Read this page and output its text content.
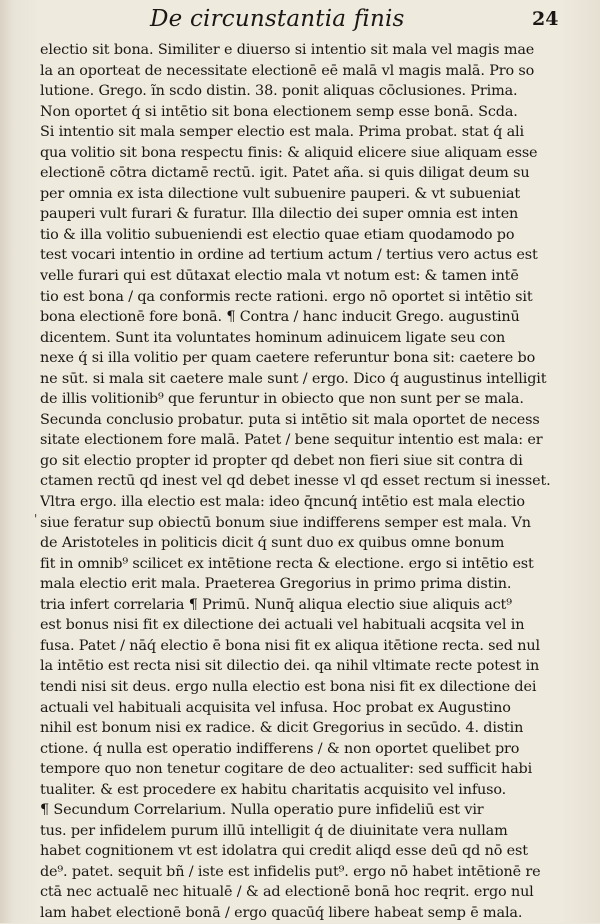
De circunstantia finis	24
'
electio sit bona. Similiter e diuerso si intentio sit mala vel magis mae
la an oporteat de necessitate electionē eē malā vl magis malā. Pro so
lutione. Grego. ĩn scdo distin. 38. ponit aliquas cōclusiones. Prima.
Non oportet q́ si intētio sit bona electionem semp esse bonā. Scda.
Si intentio sit mala semper electio est mala. Prima probat. stat q́ ali
qua volitio sit bona respectu finis: & aliquid elicere siue aliquam esse
electionē cōtra dictamē rectū. igit. Patet aña. si quis diligat deum su
per omnia ex ista dilectione vult subuenire pauperi. & vt subueniat
pauperi vult furari & furatur. Illa dilectio dei super omnia est inten
tio & illa volitio subueniendi est electio quae etiam quodamodo po
test vocari intentio in ordine ad tertium actum / tertius vero actus est
velle furari qui est dūtaxat electio mala vt notum est: & tamen intē
tio est bona / qa conformis recte rationi. ergo nō oportet si intētio sit
bona electionē fore bonā. ¶ Contra / hanc inducit Grego. augustinū
dicentem. Sunt ita voluntates hominum adinuicem ligate seu con
nexe q́ si illa volitio per quam caetere referuntur bona sit: caetere bo
ne sūt. si mala sit caetere male sunt / ergo. Dico q́ augustinus intelligit
de illis volitionib⁹ que feruntur in obiecto que non sunt per se mala.
Secunda conclusio probatur. puta si intētio sit mala oportet de necess
sitate electionem fore malā. Patet / bene sequitur intentio est mala: er
go sit electio propter id propter qd debet non fieri siue sit contra di
ctamen rectū qd inest vel qd debet inesse vl qd esset rectum si inesset.
Vltra ergo. illa electio est mala: ideo q̄ncunq́ intētio est mala electio
siue feratur sup obiectū bonum siue indifferens semper est mala. Vn
de Aristoteles in politicis dicit q́ sunt duo ex quibus omne bonum
fit in omnib⁹ scilicet ex intētione recta & electione. ergo si intētio est
mala electio erit mala. Praeterea Gregorius in primo prima distin.
tria infert correlaria ¶ Primū. Nunq̄ aliqua electio siue aliquis act⁹
est bonus nisi fit ex dilectione dei actuali vel habituali acqsita vel in
fusa. Patet / nāq́ electio ē bona nisi fit ex aliqua itētione recta. sed nul
la intētio est recta nisi sit dilectio dei. qa nihil vltimate recte potest in
tendi nisi sit deus. ergo nulla electio est bona nisi fit ex dilectione dei
actuali vel habituali acquisita vel infusa. Hoc probat ex Augustino
nihil est bonum nisi ex radice. & dicit Gregorius in secūdo. 4. distin
ctione. q́ nulla est operatio indifferens / & non oportet quelibet pro
tempore quo non tenetur cogitare de deo actualiter: sed sufficit habi
tualiter. & est procedere ex habitu charitatis acquisito vel infuso.
¶ Secundum Correlarium. Nulla operatio pure infideliū est vir
tus. per infidelem purum illū intelligit q́ de diuinitate vera nullam
habet cognitionem vt est idolatra qui credit aliqd esse deū qd nō est
de⁹. patet. sequit bñ / iste est infidelis put⁹. ergo nō habet intētionē re
ctā nec actualē nec hitualē / & ad electionē bonā hoc reqrit. ergo nul
lam habet electionē bonā / ergo quacūq́ libere habeat semp ē mala.
